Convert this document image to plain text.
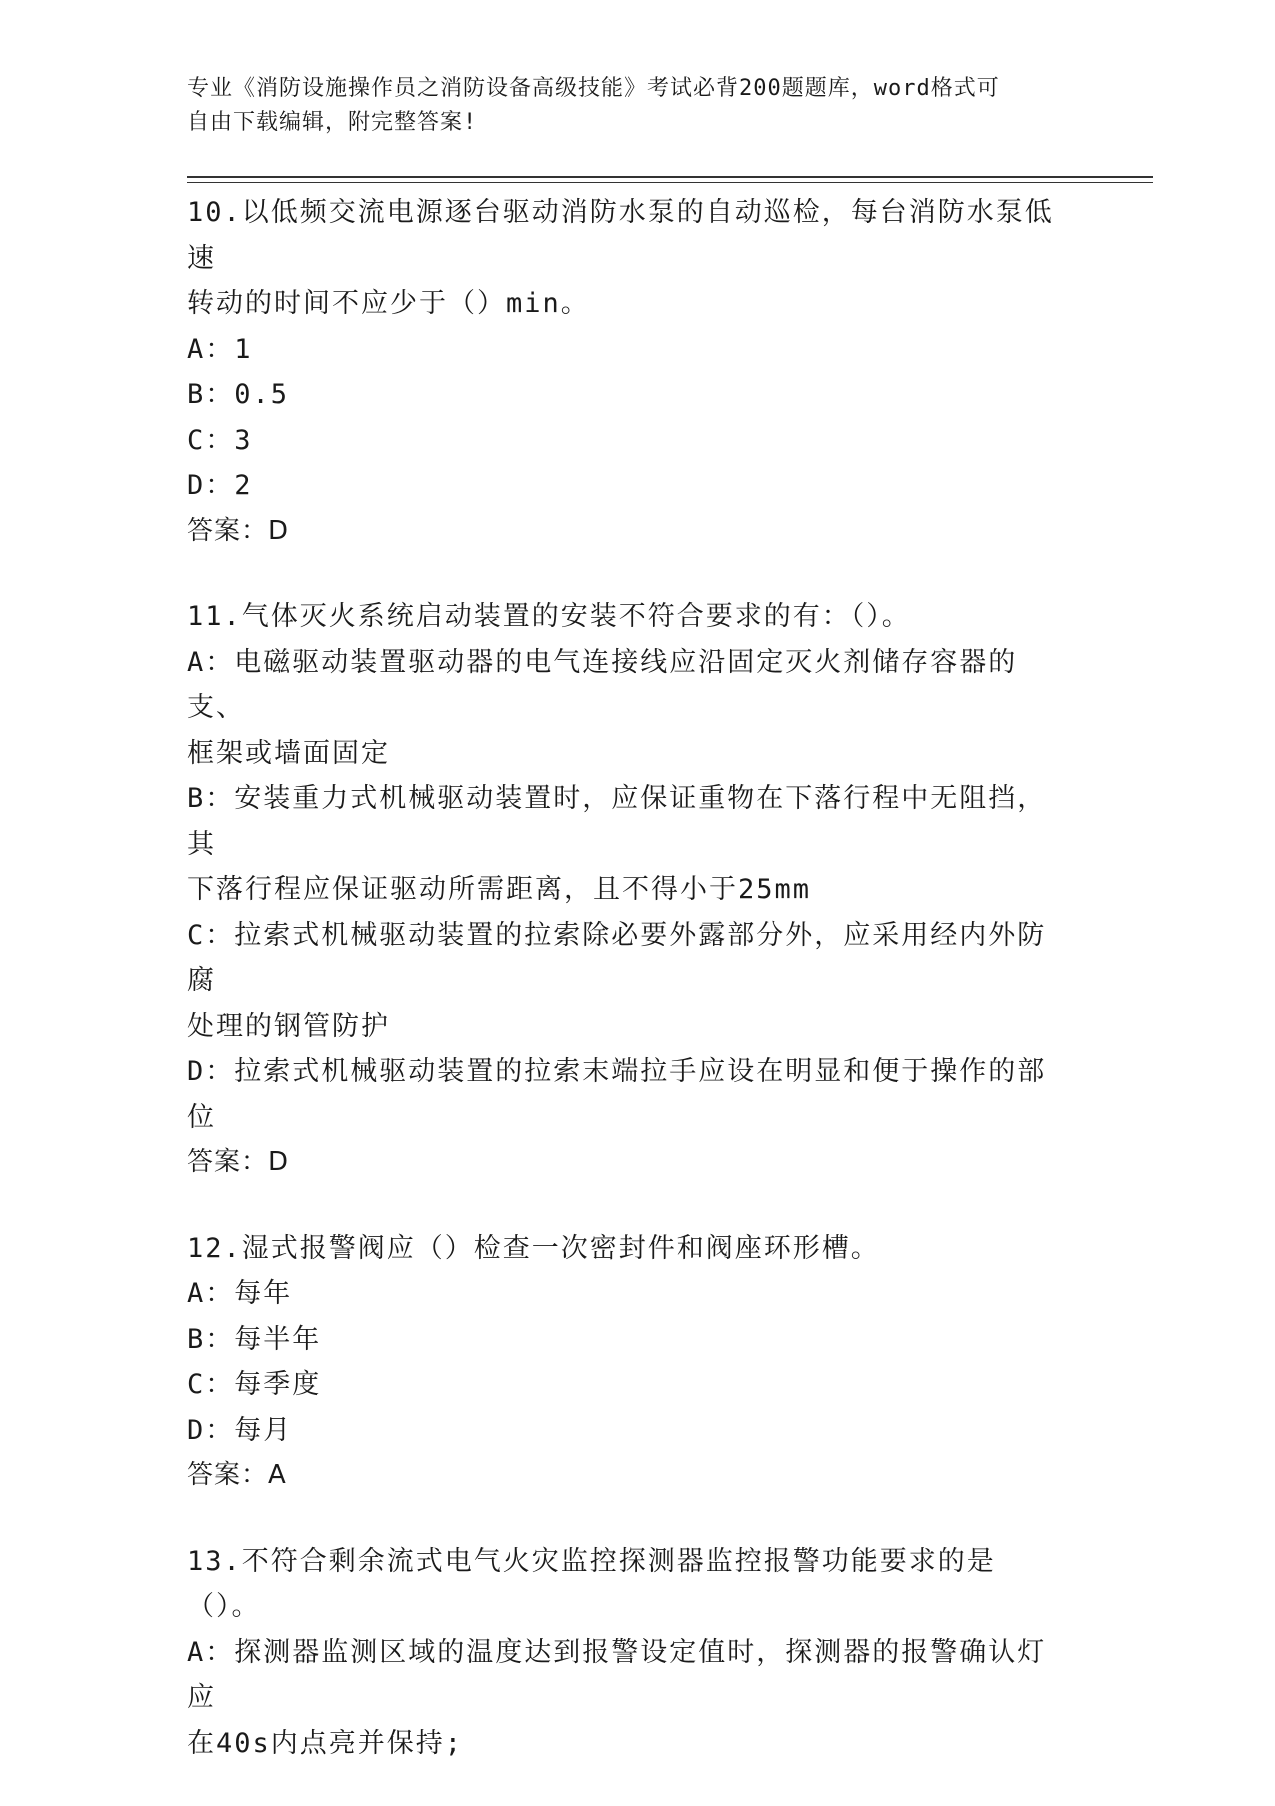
专业《消防设施操作员之消防设备高级技能》考试必背200题题库，word格式可
自由下载编辑，附完整答案!
10.以低频交流电源逐台驱动消防水泵的自动巡检，每台消防水泵低速
转动的时间不应少于（）min。
A：1
B：0.5
C：3
D：2
答案：D
11.气体灭火系统启动装置的安装不符合要求的有：（）。
A：电磁驱动装置驱动器的电气连接线应沿固定灭火剂储存容器的支、
框架或墙面固定
B：安装重力式机械驱动装置时，应保证重物在下落行程中无阻挡，其
下落行程应保证驱动所需距离，且不得小于25mm
C：拉索式机械驱动装置的拉索除必要外露部分外，应采用经内外防腐
处理的钢管防护
D：拉索式机械驱动装置的拉索末端拉手应设在明显和便于操作的部位
答案：D
12.湿式报警阀应（）检查一次密封件和阀座环形槽。
A：每年
B：每半年
C：每季度
D：每月
答案：A
13.不符合剩余流式电气火灾监控探测器监控报警功能要求的是（）。
A：探测器监测区域的温度达到报警设定值时，探测器的报警确认灯应
在40s内点亮并保持;
